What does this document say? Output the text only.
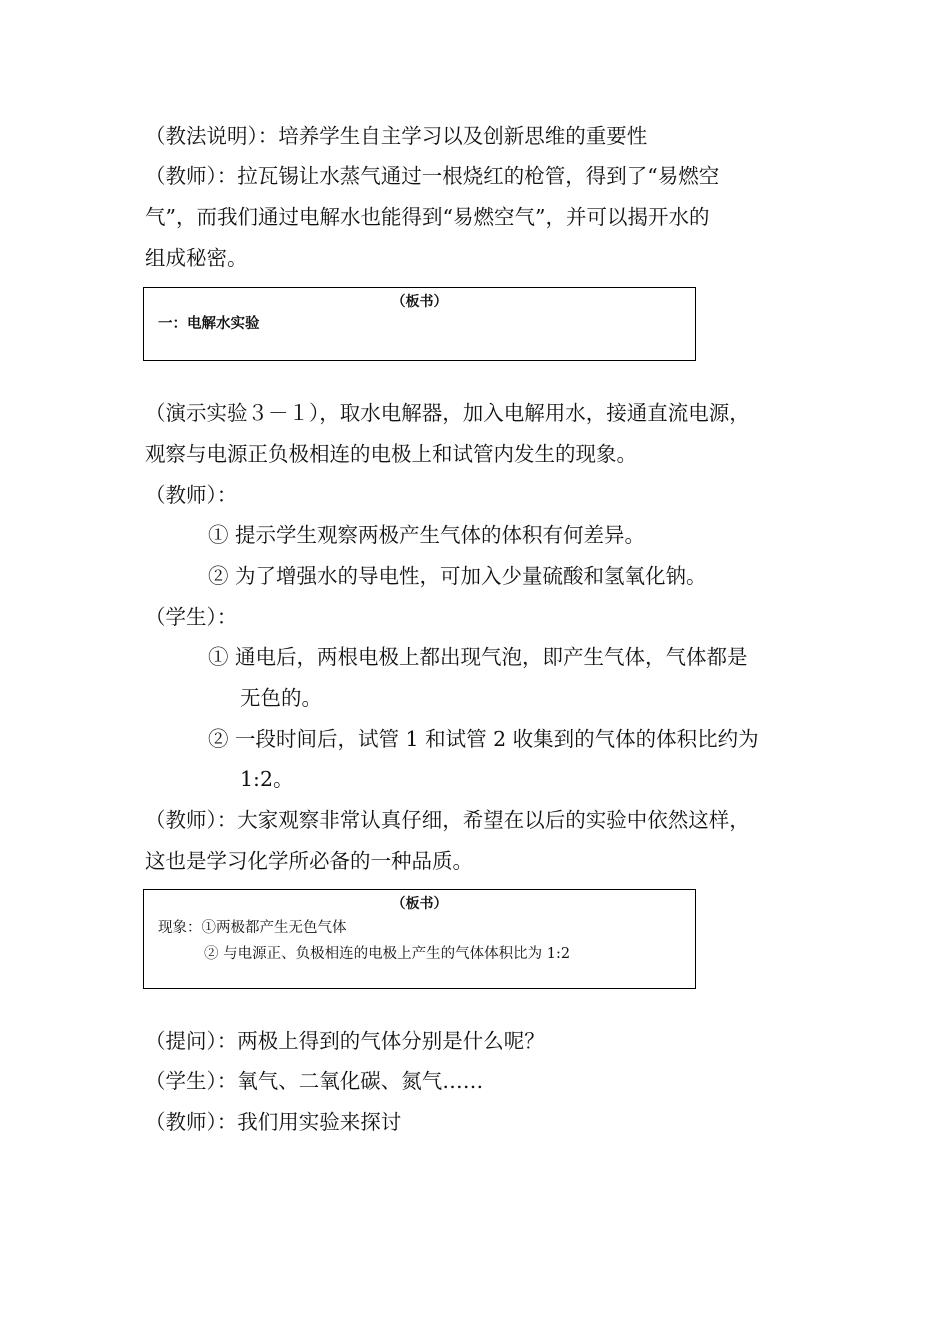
（教法说明）：培养学生自主学习以及创新思维的重要性
（教师）：拉瓦锡让水蒸气通过一根烧红的枪管，得到了“易燃空
气”，而我们通过电解水也能得到“易燃空气”，并可以揭开水的
组成秘密。
（板书）
一：电解水实验
（演示实验３－１），取水电解器，加入电解用水，接通直流电源，
观察与电源正负极相连的电极上和试管内发生的现象。
（教师）：
① 提示学生观察两极产生气体的体积有何差异。
② 为了增强水的导电性，可加入少量硫酸和氢氧化钠。
（学生）：
① 通电后，两根电极上都出现气泡，即产生气体，气体都是
无色的。
② 一段时间后，试管 1 和试管 2 收集到的气体的体积比约为
1:2。
（教师）：大家观察非常认真仔细，希望在以后的实验中依然这样，
这也是学习化学所必备的一种品质。
（板书）
现象：①两极都产生无色气体
② 与电源正、负极相连的电极上产生的气体体积比为 1:2
（提问）：两极上得到的气体分别是什么呢？
（学生）：氧气、二氧化碳、氮气……
（教师）：我们用实验来探讨
